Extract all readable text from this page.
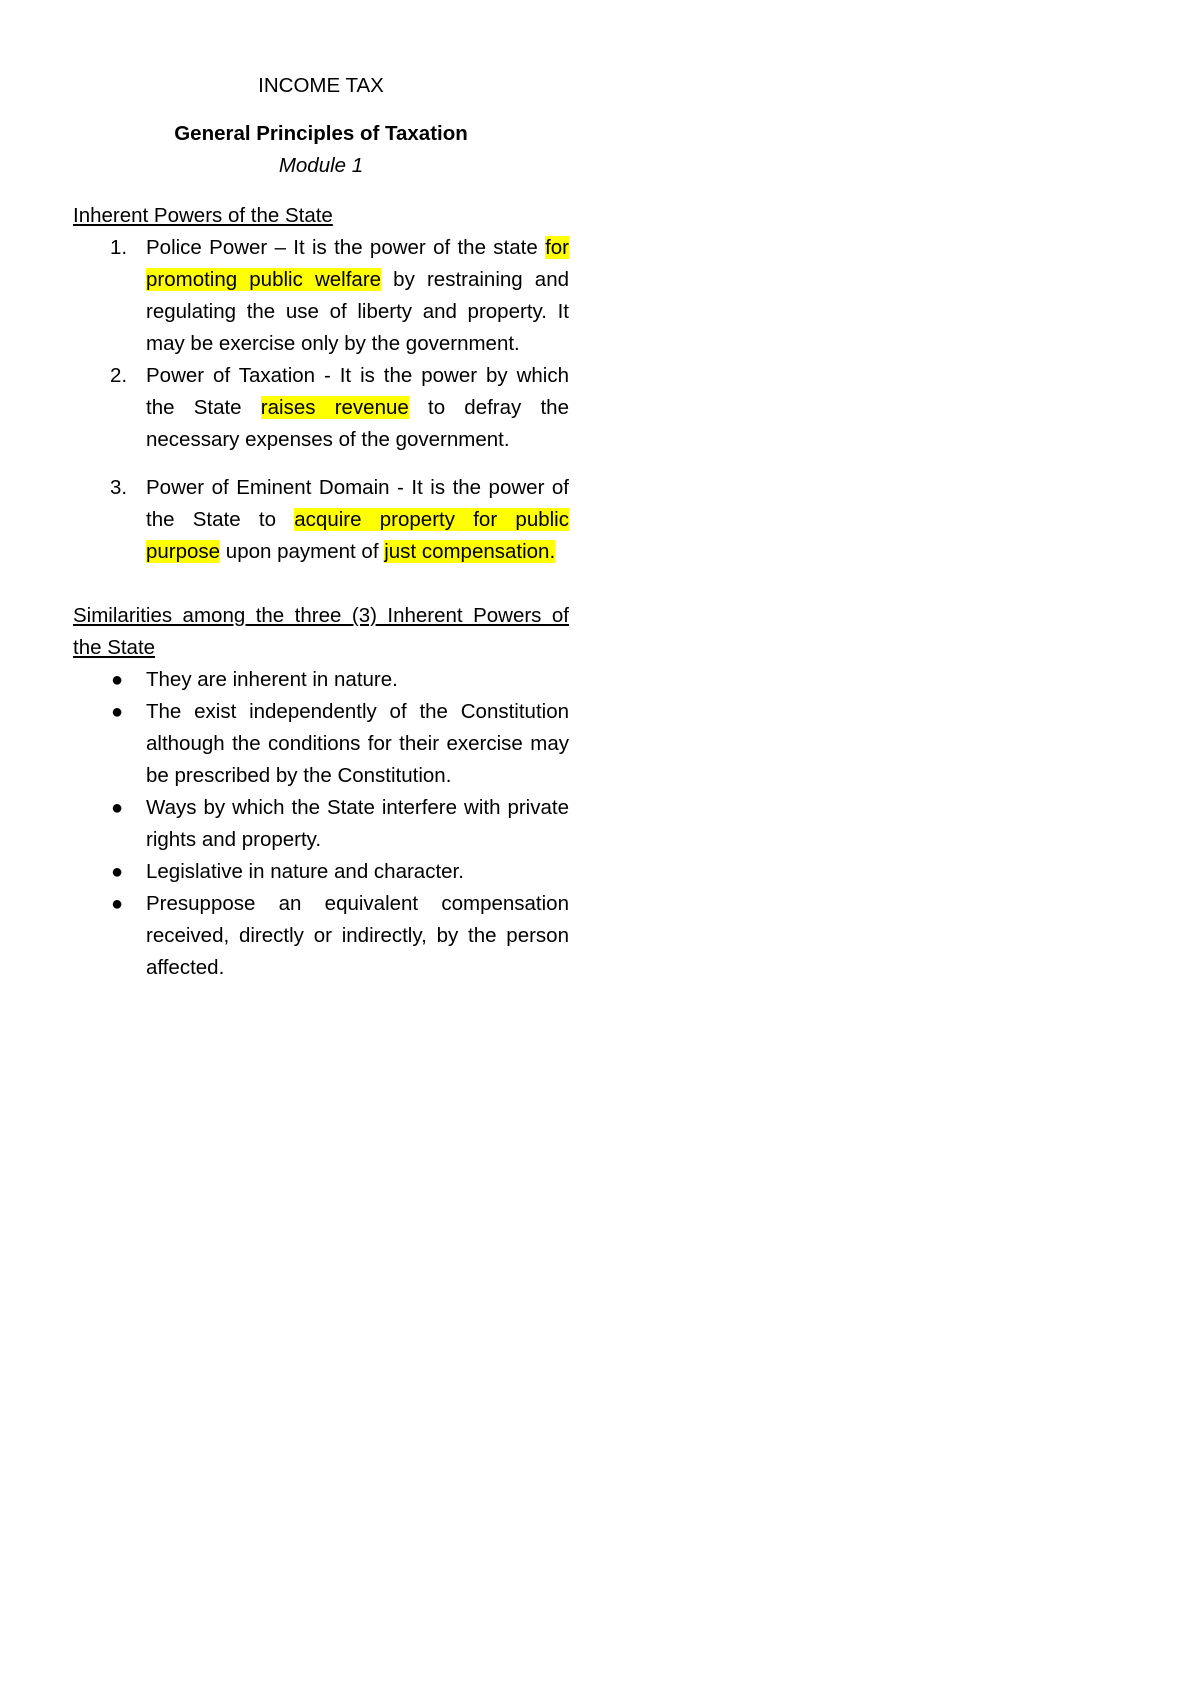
INCOME TAX

General Principles of Taxation

Module 1

Inherent Powers of the State

1. Police Power – It is the power of the state for promoting public welfare by restraining and regulating the use of liberty and property. It may be exercise only by the government.
2. Power of Taxation - It is the power by which the State raises revenue to defray the necessary expenses of the government.
3. Power of Eminent Domain - It is the power of the State to acquire property for public purpose upon payment of just compensation.

Similarities among the three (3) Inherent Powers of the State

● They are inherent in nature.
● The exist independently of the Constitution although the conditions for their exercise may be prescribed by the Constitution.
● Ways by which the State interfere with private rights and property.
● Legislative in nature and character.
● Presuppose an equivalent compensation received, directly or indirectly, by the person affected.
